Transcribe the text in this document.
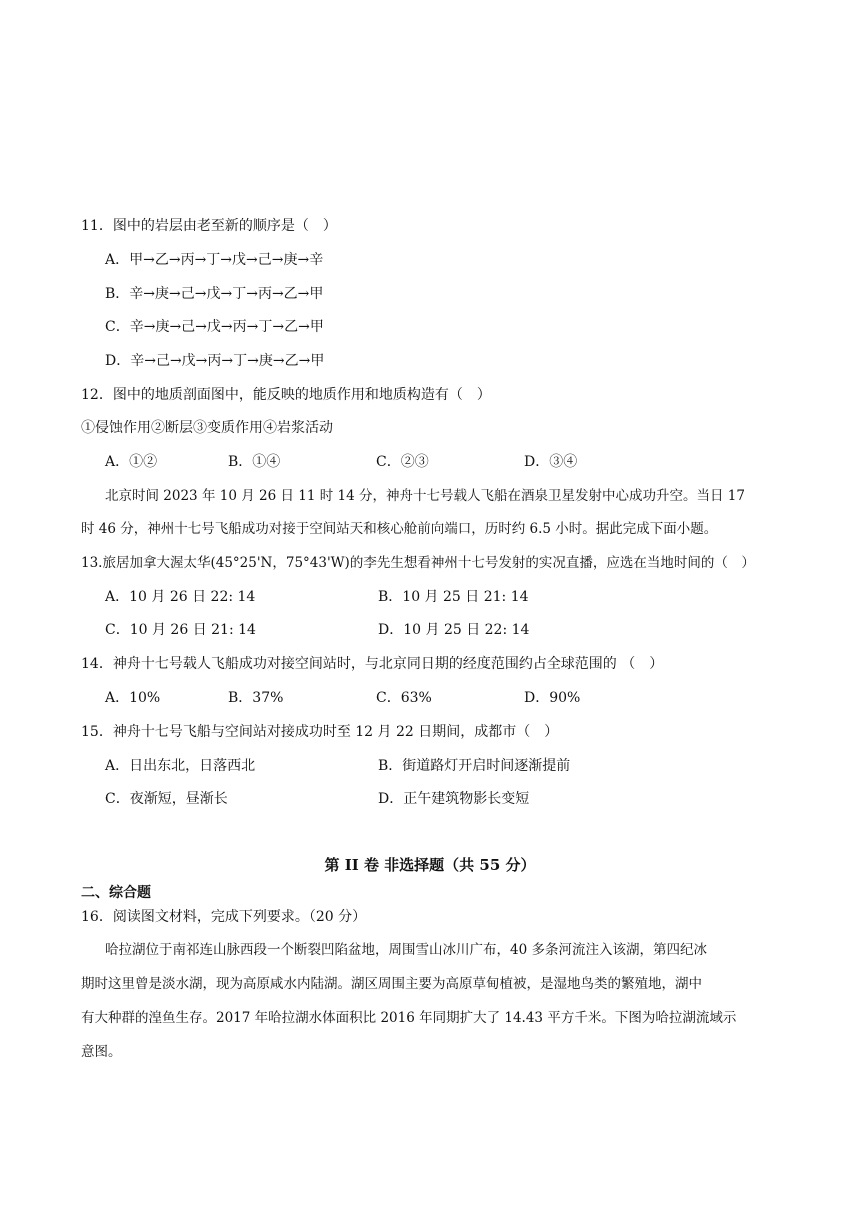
11．图中的岩层由老至新的顺序是（　）
A．甲→乙→丙→丁→戊→己→庚→辛
B．辛→庚→己→戊→丁→丙→乙→甲
C．辛→庚→己→戊→丙→丁→乙→甲
D．辛→己→戊→丙→丁→庚→乙→甲
12．图中的地质剖面图中，能反映的地质作用和地质构造有（　）
①侵蚀作用②断层③变质作用④岩浆活动
A．①②	B．①④	C．②③	D．③④
北京时间 2023 年 10 月 26 日 11 时 14 分，神舟十七号载人飞船在酒泉卫星发射中心成功升空。当日 17
时 46 分，神州十七号飞船成功对接于空间站天和核心舱前向端口，历时约 6.5 小时。据此完成下面小题。
13.旅居加拿大渥太华(45°25'N，75°43'W)的李先生想看神州十七号发射的实况直播，应选在当地时间的（　）
A．10 月 26 日 22: 14	B．10 月 25 日 21: 14
C．10 月 26 日 21: 14	D．10 月 25 日 22: 14
14．神舟十七号载人飞船成功对接空间站时，与北京同日期的经度范围约占全球范围的 （　）
A．10%	B．37%	C．63%	D．90%
15．神舟十七号飞船与空间站对接成功时至 12 月 22 日期间，成都市（　）
A．日出东北，日落西北	B．街道路灯开启时间逐渐提前
C．夜渐短，昼渐长	D．正午建筑物影长变短
第 II 卷 非选择题（共 55 分）
二、综合题
16．阅读图文材料，完成下列要求。（20 分）
哈拉湖位于南祁连山脉西段一个断裂凹陷盆地，周围雪山冰川广布，40 多条河流注入该湖，第四纪冰
期时这里曾是淡水湖，现为高原咸水内陆湖。湖区周围主要为高原草甸植被，是湿地鸟类的繁殖地，湖中
有大种群的湟鱼生存。2017 年哈拉湖水体面积比 2016 年同期扩大了 14.43 平方千米。下图为哈拉湖流域示
意图。
